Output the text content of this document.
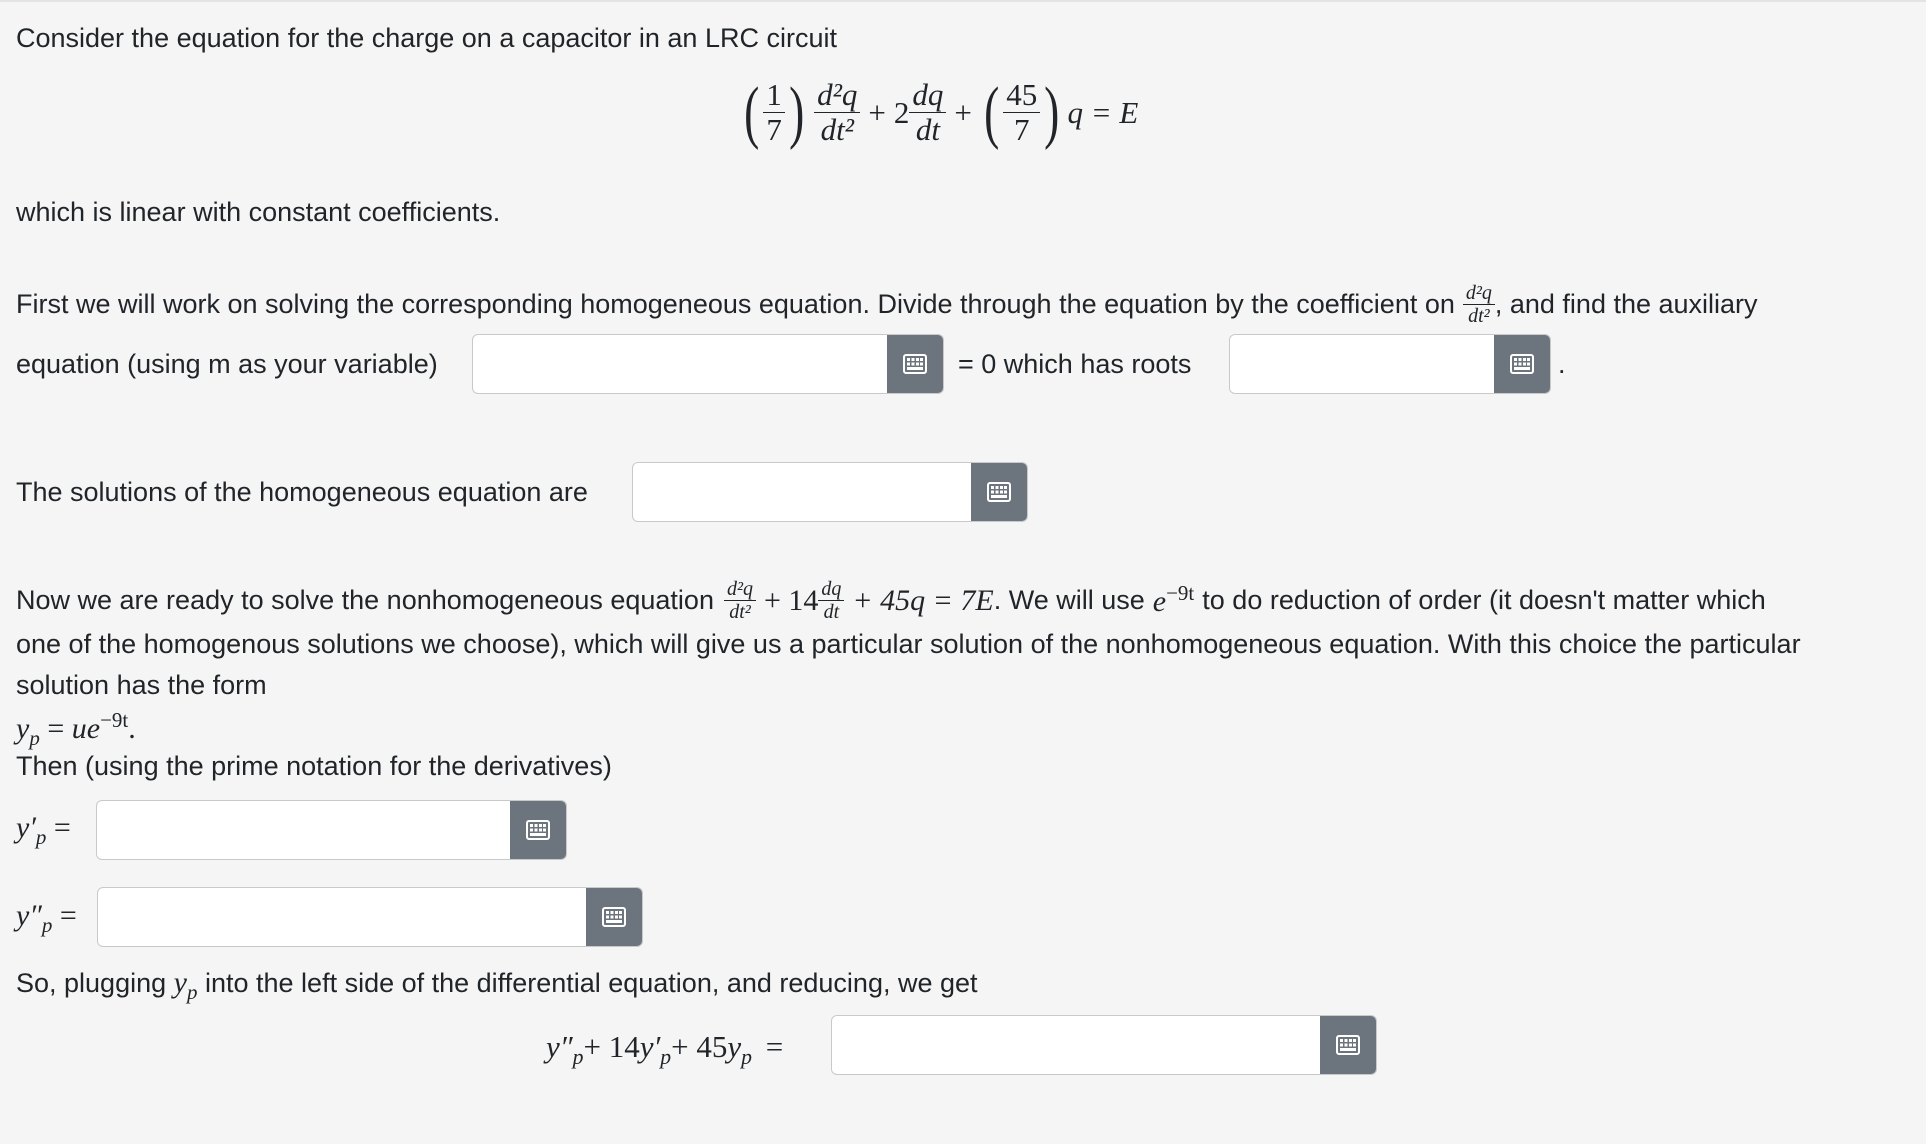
Consider the equation for the charge on a capacitor in an LRC circuit
( $\frac{1}{7}$ ) $\frac{\text{d²q}}{\text{dt²}} + 2 \frac{dq}{dt}$ + ( $\frac{45}{7}$ ) q = E
which is linear with constant coefficients.
First we will work on solving the corresponding homogeneous equation. Divide through the equation by the coefficient on $\frac{\text{d²q}}{\text{dt²}}$ , and find the auxiliary
equation (using m as your variable)	= 0 which has roots	.
The solutions of the homogeneous equation are
Now we are ready to solve the nonhomogeneous equation $\frac{\text{d²q}}{\text{dt²}} + 14 \frac{dq}{dt} + 45q = 7E$ . We will use $e^{-9t}$ to do reduction of order (it doesn't matter which
one of the homogenous solutions we choose), which will give us a particular solution of the nonhomogeneous equation. With this choice the particular
solution has the form
$y_p = ue^{-9t}$.
Then (using the prime notation for the derivatives)
$y'_p$ =
$y''_p$ =
So, plugging $y_p$ into the left side of the differential equation, and reducing, we get
$y''_p+ 14y'_p+ 45y_p$ =
